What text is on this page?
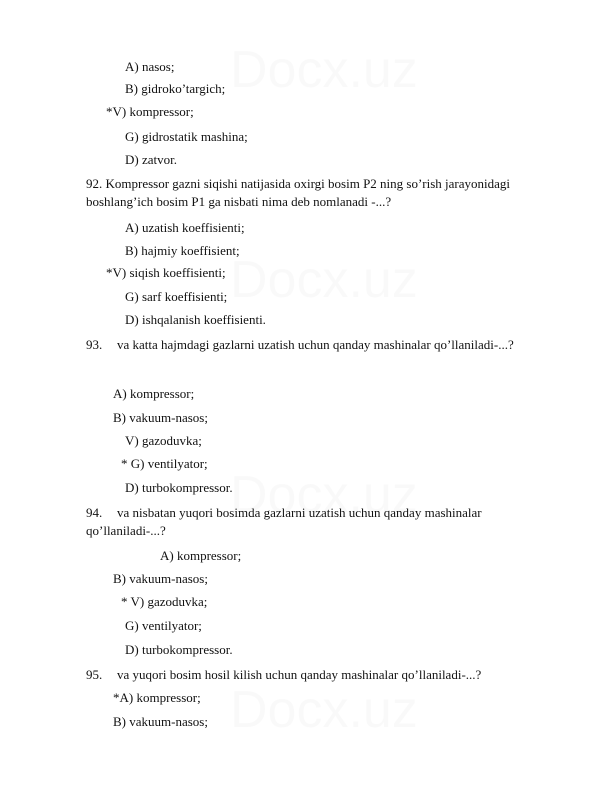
A) nasos;
B) gidroko’targich;
*V) kompressor;
G) gidrostatik mashina;
D) zatvor.
92. Kompressor gazni siqishi natijasida oxirgi bosim P2 ning so’rish jarayonidagi
boshlang’ich bosim P1 ga nisbati nima deb nomlanadi -...?
A) uzatish koeffisienti;
B) hajmiy koeffisient;
*V) siqish koeffisienti;
G) sarf koeffisienti;
D) ishqalanish koeffisienti.
93. va katta hajmdagi gazlarni uzatish uchun qanday mashinalar qo’llaniladi-...?
A) kompressor;
B) vakuum-nasos;
V) gazoduvka;
* G) ventilyator;
D) turbokompressor.
94. va nisbatan yuqori bosimda gazlarni uzatish uchun qanday mashinalar
qo’llaniladi-...?
A) kompressor;
B) vakuum-nasos;
* V) gazoduvka;
G) ventilyator;
D) turbokompressor.
95. va yuqori bosim hosil kilish uchun qanday mashinalar qo’llaniladi-...?
*A) kompressor;
B) vakuum-nasos;
